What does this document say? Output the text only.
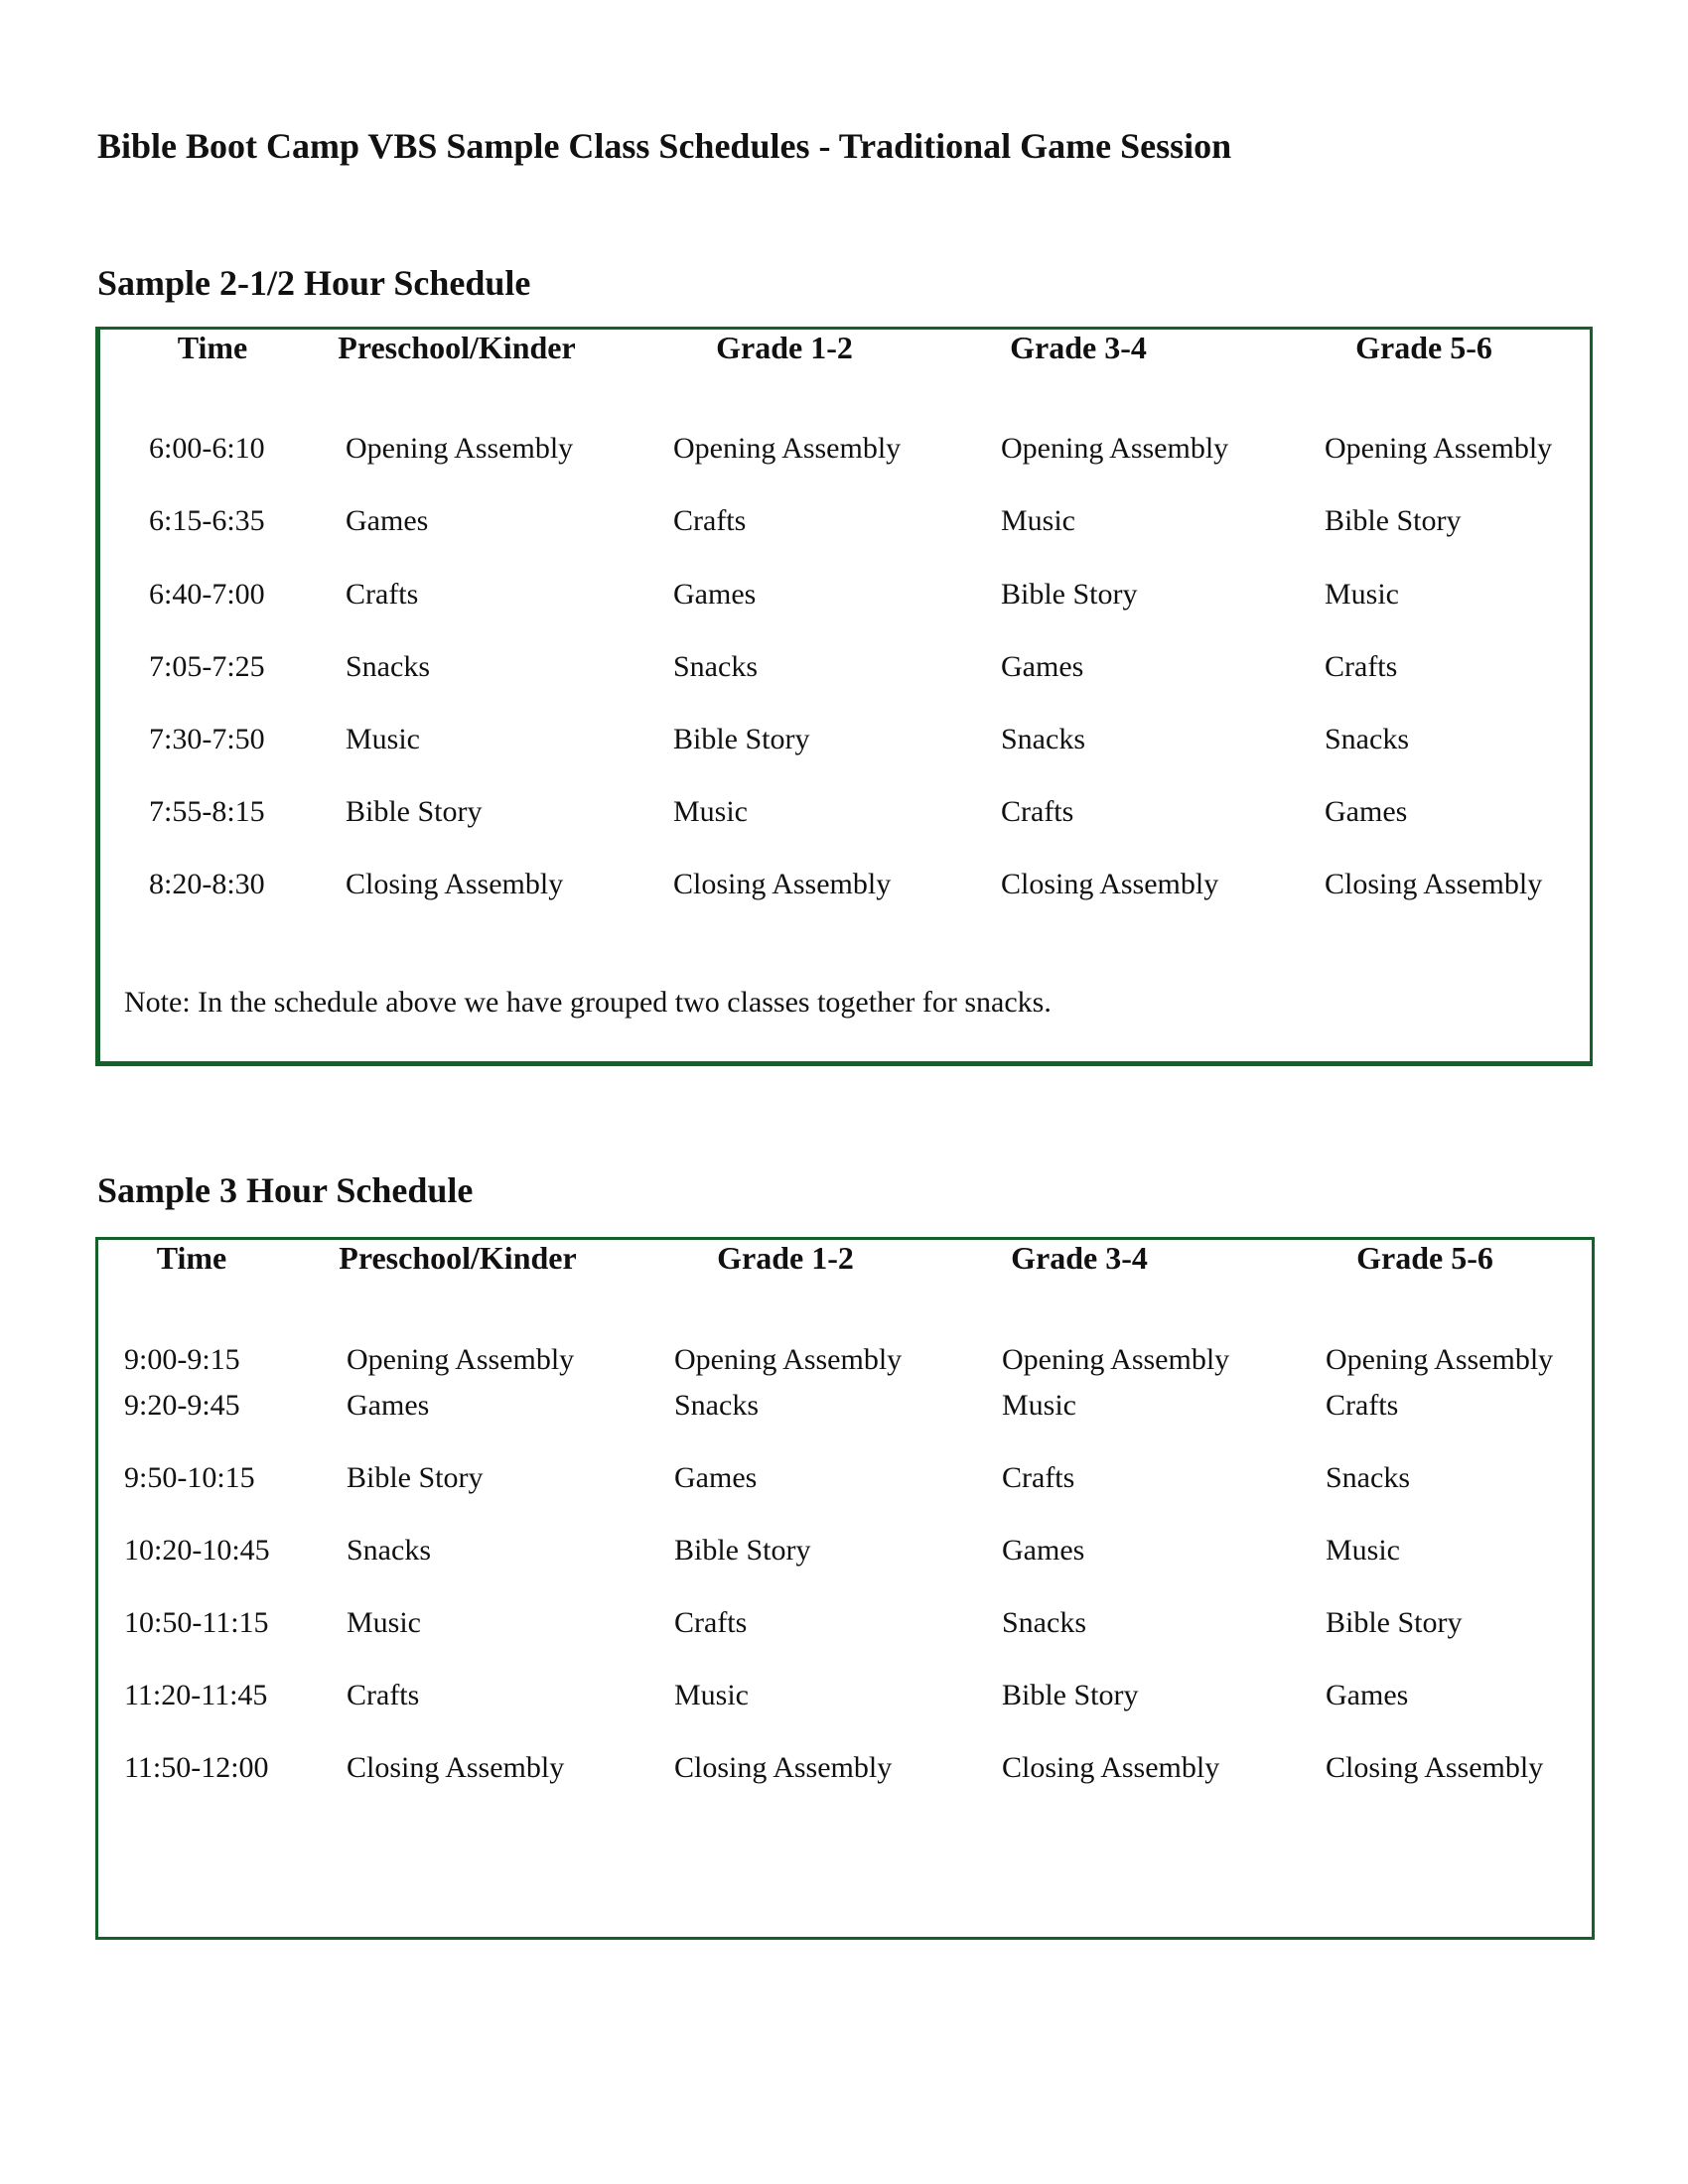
Bible Boot Camp VBS Sample Class Schedules - Traditional Game Session
Sample 2-1/2 Hour Schedule
Time	Preschool/Kinder	Grade 1-2	Grade 3-4	Grade 5-6
6:00-6:10	Opening Assembly	Opening Assembly	Opening Assembly	Opening Assembly
6:15-6:35	Games	Crafts	Music	Bible Story
6:40-7:00	Crafts	Games	Bible Story	Music
7:05-7:25	Snacks	Snacks	Games	Crafts
7:30-7:50	Music	Bible Story	Snacks	Snacks
7:55-8:15	Bible Story	Music	Crafts	Games
8:20-8:30	Closing Assembly	Closing Assembly	Closing Assembly	Closing Assembly
Note: In the schedule above we have grouped two classes together for snacks.
Sample 3 Hour Schedule
Time	Preschool/Kinder	Grade 1-2	Grade 3-4	Grade 5-6
9:00-9:15	Opening Assembly	Opening Assembly	Opening Assembly	Opening Assembly
9:20-9:45	Games	Snacks	Music	Crafts
9:50-10:15	Bible Story	Games	Crafts	Snacks
10:20-10:45	Snacks	Bible Story	Games	Music
10:50-11:15	Music	Crafts	Snacks	Bible Story
11:20-11:45	Crafts	Music	Bible Story	Games
11:50-12:00	Closing Assembly	Closing Assembly	Closing Assembly	Closing Assembly
